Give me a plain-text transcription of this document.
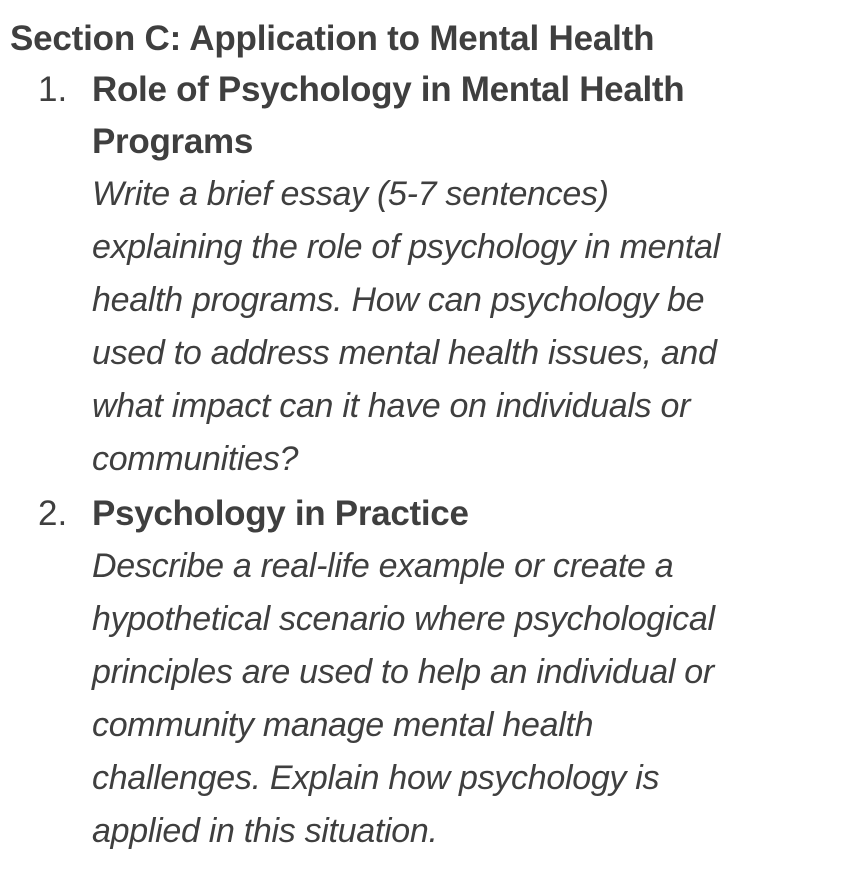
Section C: Application to Mental Health
1. Role of Psychology in Mental Health
Programs

Write a brief essay (5-7 sentences)
explaining the role of psychology in mental
health programs. How can psychology be
used to address mental health issues, and
what impact can it have on individuals or
communities?

2. Psychology in Practice

Describe a real-life example or create a
hypothetical scenario where psychological
principles are used to help an individual or
community manage mental health
challenges. Explain how psychology is
applied in this situation.
